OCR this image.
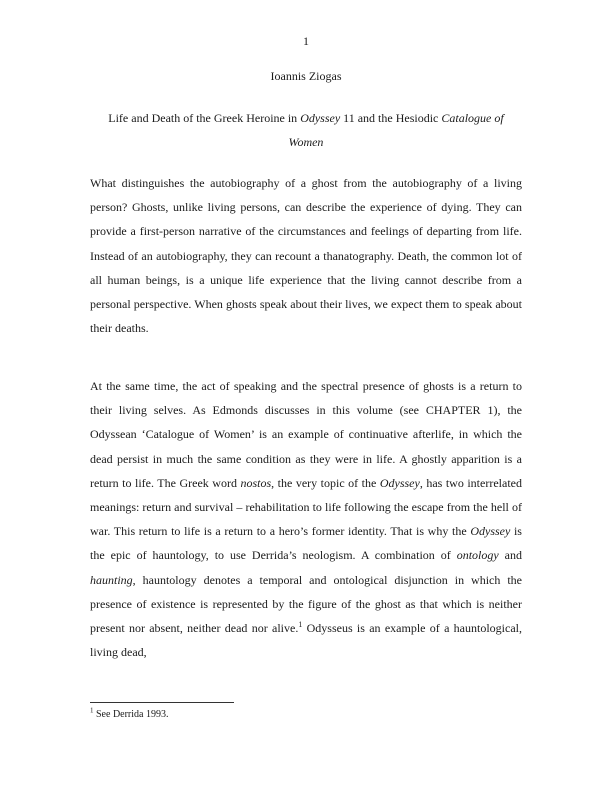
1
Ioannis Ziogas
Life and Death of the Greek Heroine in Odyssey 11 and the Hesiodic Catalogue of Women

What distinguishes the autobiography of a ghost from the autobiography of a living person? Ghosts, unlike living persons, can describe the experience of dying. They can provide a first-person narrative of the circumstances and feelings of departing from life. Instead of an autobiography, they can recount a thanatography. Death, the common lot of all human beings, is a unique life experience that the living cannot describe from a personal perspective. When ghosts speak about their lives, we expect them to speak about their deaths.

At the same time, the act of speaking and the spectral presence of ghosts is a return to their living selves. As Edmonds discusses in this volume (see CHAPTER 1), the Odyssean ‘Catalogue of Women’ is an example of continuative afterlife, in which the dead persist in much the same condition as they were in life. A ghostly apparition is a return to life. The Greek word nostos, the very topic of the Odyssey, has two interrelated meanings: return and survival – rehabilitation to life following the escape from the hell of war. This return to life is a return to a hero’s former identity. That is why the Odyssey is the epic of hauntology, to use Derrida’s neologism. A combination of ontology and haunting, hauntology denotes a temporal and ontological disjunction in which the presence of existence is represented by the figure of the ghost as that which is neither present nor absent, neither dead nor alive.$^1$ Odysseus is an example of a hauntological, living dead,

$^1$ See Derrida 1993.
